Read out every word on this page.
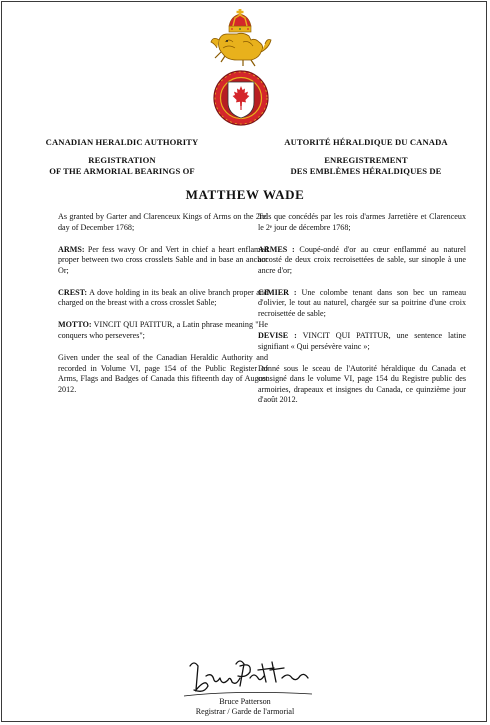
CANADIAN HERALDIC AUTHORITY
REGISTRATION
OF THE ARMORIAL BEARINGS OF
AUTORITÉ HÉRALDIQUE DU CANADA
ENREGISTREMENT
DES EMBLÈMES HÉRALDIQUES DE
MATTHEW WADE

As granted by Garter and Clarenceux Kings of Arms on the 2nd day of December 1768;

ARMS: Per fess wavy Or and Vert in chief a heart enflamed proper between two cross crosslets Sable and in base an anchor Or;

CREST: A dove holding in its beak an olive branch proper and charged on the breast with a cross crosslet Sable;

MOTTO: VINCIT QUI PATITUR, a Latin phrase meaning "He conquers who perseveres";

Given under the seal of the Canadian Heraldic Authority and recorded in Volume VI, page 154 of the Public Register of Arms, Flags and Badges of Canada this fifteenth day of August 2012.

Tels que concédés par les rois d'armes Jarretière et Clarenceux le 2ᵉ jour de décembre 1768;

ARMES : Coupé-ondé d'or au cœur enflammé au naturel accosté de deux croix recroisettées de sable, sur sinople à une ancre d'or;

CIMIER : Une colombe tenant dans son bec un rameau d'olivier, le tout au naturel, chargée sur sa poitrine d'une croix recroisettée de sable;

DEVISE : VINCIT QUI PATITUR, une sentence latine signifiant « Qui persévère vainc »;

Donné sous le sceau de l'Autorité héraldique du Canada et consigné dans le volume VI, page 154 du Registre public des armoiries, drapeaux et insignes du Canada, ce quinzième jour d'août 2012.

Bruce Patterson
Registrar / Garde de l'armorial
